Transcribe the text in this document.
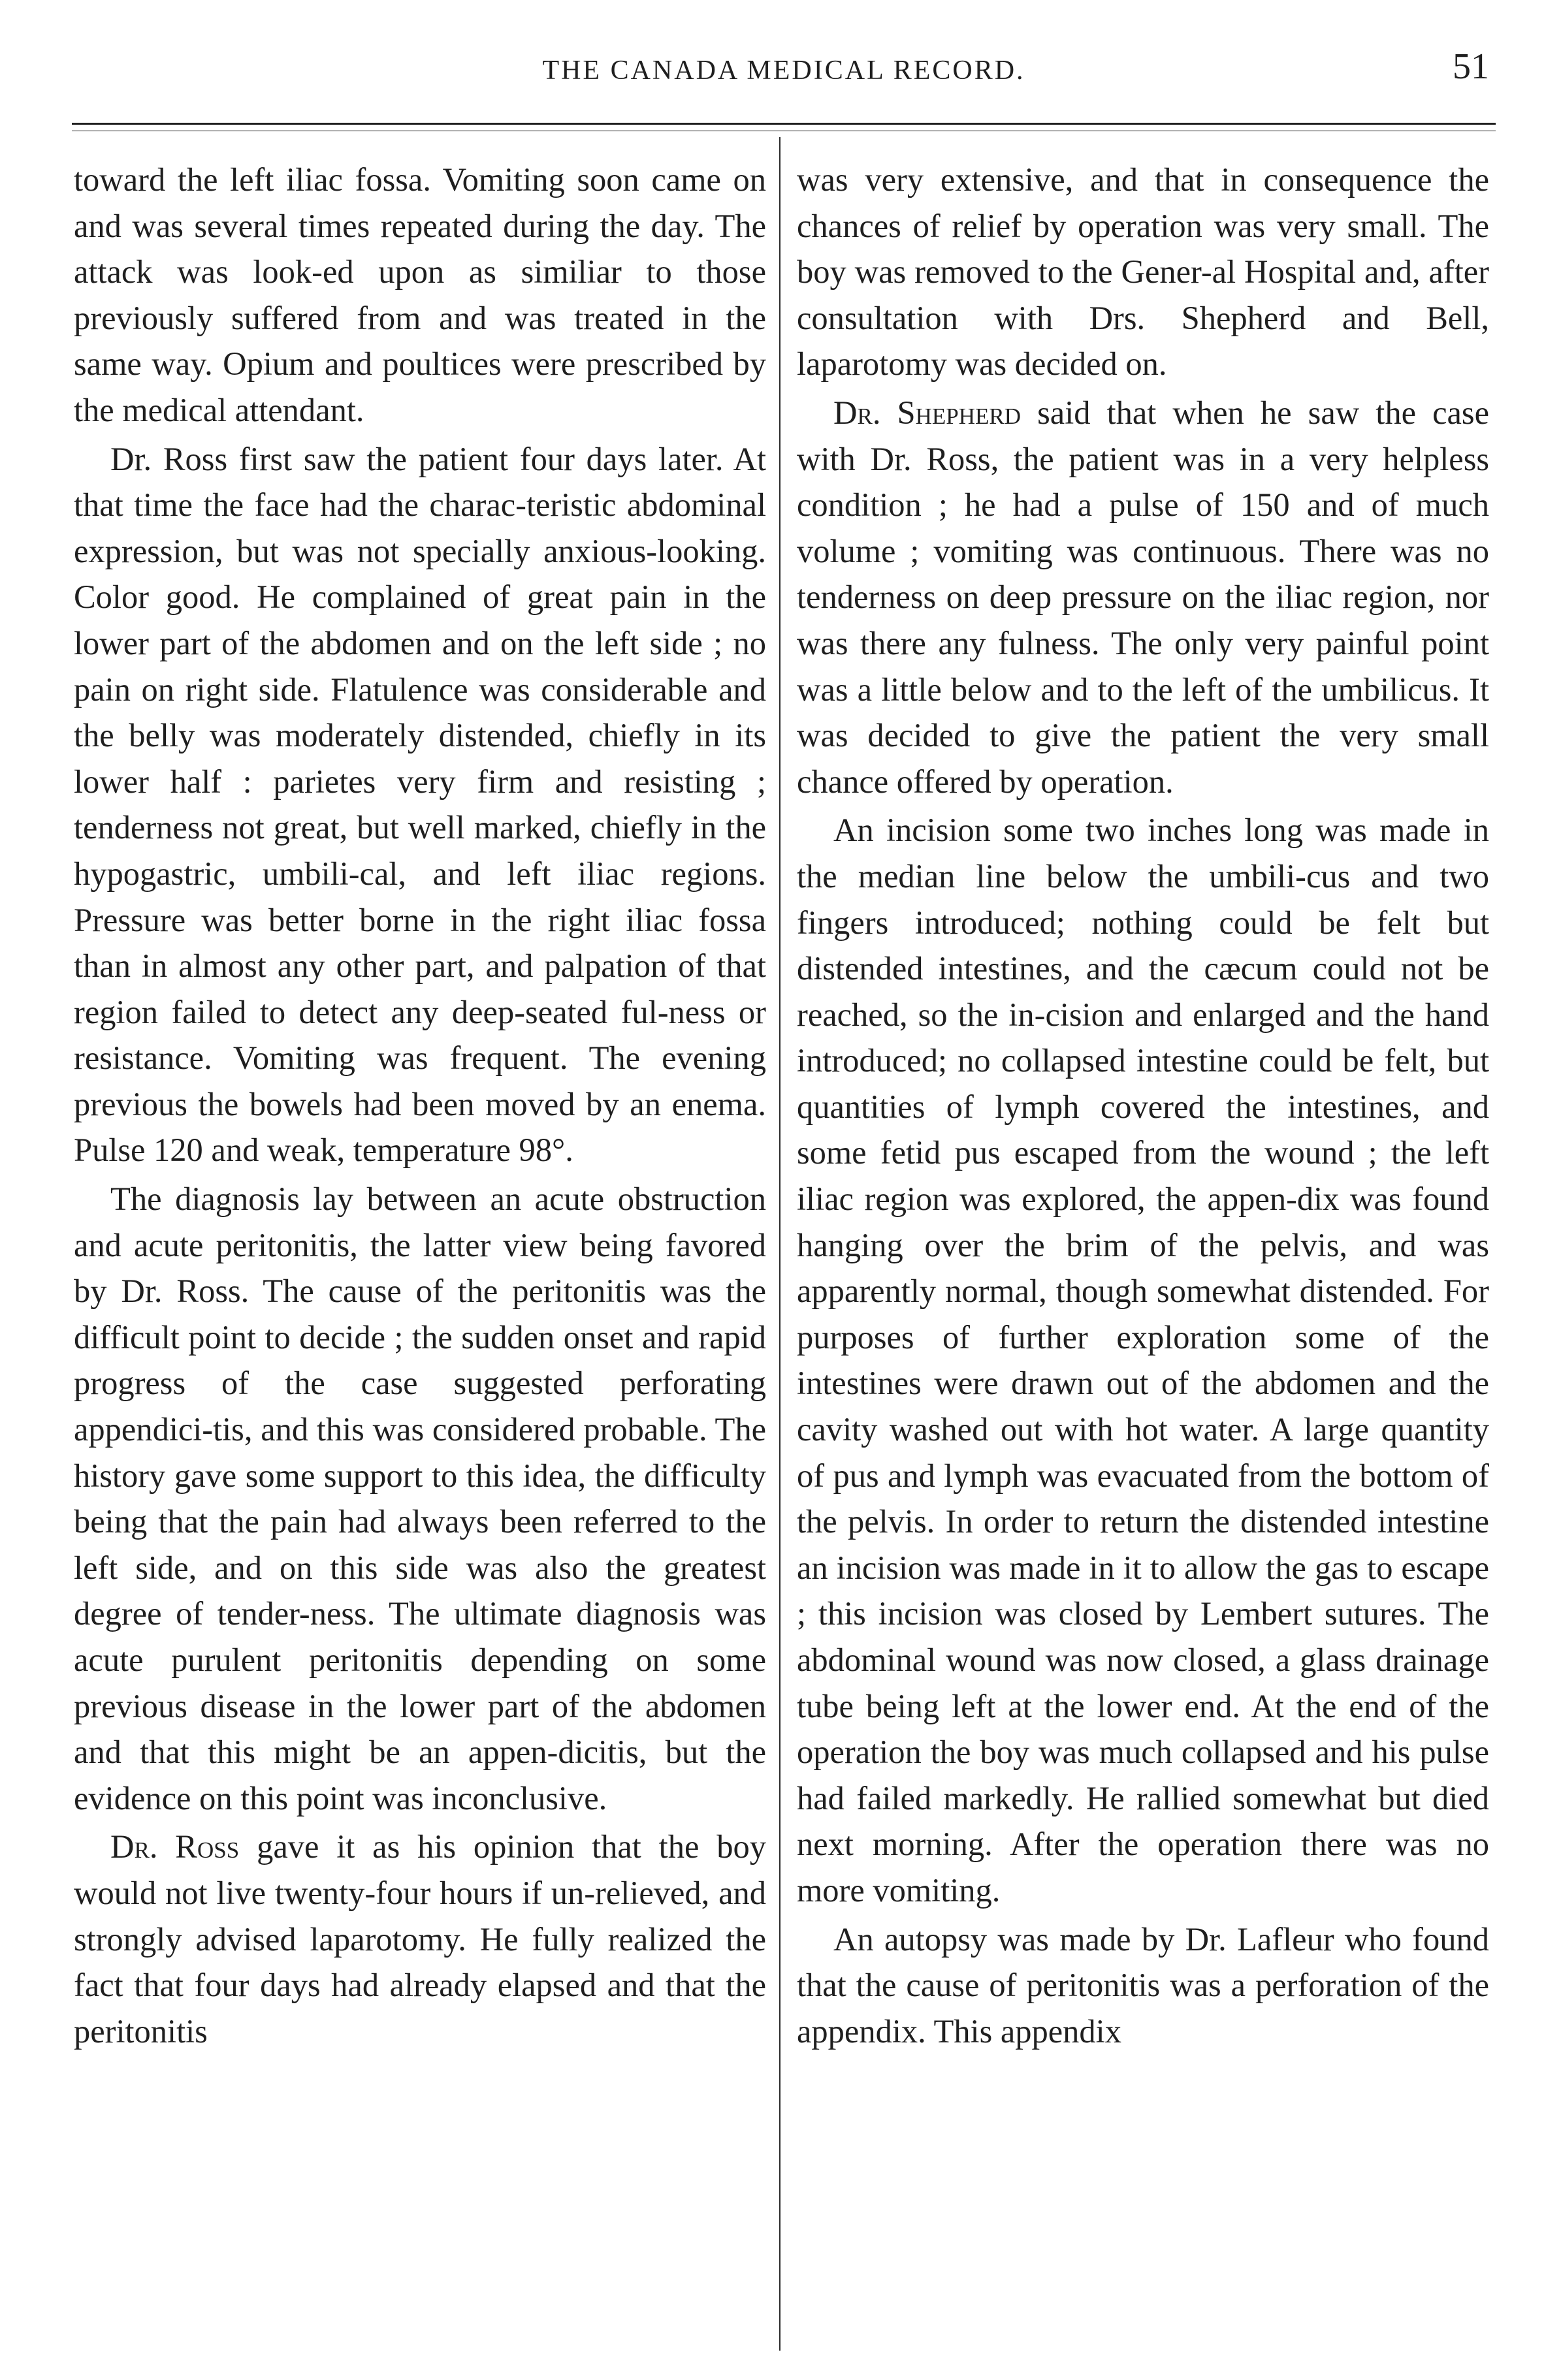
THE CANADA MEDICAL RECORD.	51

toward the left iliac fossa. Vomiting soon came on and was several times repeated during the day. The attack was look-ed upon as similiar to those previously suffered from and was treated in the same way. Opium and poultices were prescribed by the medical attendant.

Dr. Ross first saw the patient four days later. At that time the face had the charac-teristic abdominal expression, but was not specially anxious-looking. Color good. He complained of great pain in the lower part of the abdomen and on the left side ; no pain on right side. Flatulence was considerable and the belly was moderately distended, chiefly in its lower half : parietes very firm and resisting ; tenderness not great, but well marked, chiefly in the hypogastric, umbili-cal, and left iliac regions. Pressure was better borne in the right iliac fossa than in almost any other part, and palpation of that region failed to detect any deep-seated ful-ness or resistance. Vomiting was frequent. The evening previous the bowels had been moved by an enema. Pulse 120 and weak, temperature 98°.

The diagnosis lay between an acute obstruction and acute peritonitis, the latter view being favored by Dr. Ross. The cause of the peritonitis was the difficult point to decide ; the sudden onset and rapid progress of the case suggested perforating appendici-tis, and this was considered probable. The history gave some support to this idea, the difficulty being that the pain had always been referred to the left side, and on this side was also the greatest degree of tender-ness. The ultimate diagnosis was acute purulent peritonitis depending on some previous disease in the lower part of the abdomen and that this might be an appen-dicitis, but the evidence on this point was inconclusive.

Dr. Ross gave it as his opinion that the boy would not live twenty-four hours if un-relieved, and strongly advised laparotomy. He fully realized the fact that four days had already elapsed and that the peritonitis

was very extensive, and that in consequence the chances of relief by operation was very small. The boy was removed to the Gener-al Hospital and, after consultation with Drs. Shepherd and Bell, laparotomy was decided on.

Dr. Shepherd said that when he saw the case with Dr. Ross, the patient was in a very helpless condition ; he had a pulse of 150 and of much volume ; vomiting was continuous. There was no tenderness on deep pressure on the iliac region, nor was there any fulness. The only very painful point was a little below and to the left of the umbilicus. It was decided to give the patient the very small chance offered by operation.

An incision some two inches long was made in the median line below the umbili-cus and two fingers introduced; nothing could be felt but distended intestines, and the cæcum could not be reached, so the in-cision and enlarged and the hand introduced; no collapsed intestine could be felt, but quantities of lymph covered the intestines, and some fetid pus escaped from the wound ; the left iliac region was explored, the appen-dix was found hanging over the brim of the pelvis, and was apparently normal, though somewhat distended. For purposes of further exploration some of the intestines were drawn out of the abdomen and the cavity washed out with hot water. A large quantity of pus and lymph was evacuated from the bottom of the pelvis. In order to return the distended intestine an incision was made in it to allow the gas to escape ; this incision was closed by Lembert sutures. The abdominal wound was now closed, a glass drainage tube being left at the lower end. At the end of the operation the boy was much collapsed and his pulse had failed markedly. He rallied somewhat but died next morning. After the operation there was no more vomiting.

An autopsy was made by Dr. Lafleur who found that the cause of peritonitis was a perforation of the appendix. This appendix
